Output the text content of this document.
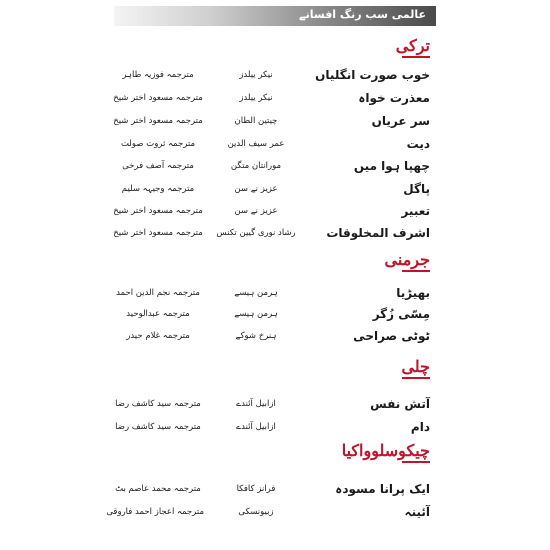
عالمی سب رنگ افسانے
ترکی
خوب صورت انگلیاں
نیکر ییلدز
مترجمہ فوزیہ طاہر
معذرت خواہ
نیکر ییلدز
مترجمہ مسعود اختر شیخ
سر عریاں
چیتین الطان
مترجمہ مسعود اختر شیخ
دیت
عمر سیف الدین
مترجمہ ثروت صولت
چھپا ہوا میں
مورانتان متگن
مترجمہ آصف فرخی
پاگل
عزیز نے سن
مترجمہ وجیہہ سلیم
تعبیر
عزیز نے سن
مترجمہ مسعود اختر شیخ
اشرف المخلوقات
رشاد نوری گیین تکنس
مترجمہ مسعود اختر شیخ
جرمنی
بھیڑیا
ہرمن ہیسے
مترجمہ نجم الدین احمد
مِسّی زُگر
ہرمن ہیسے
مترجمہ عبدالوحید
ٹوٹی صراحی
ہنرخ شوکے
مترجمہ غلام حیدر
چلی
آتش نفس
ازابیل آئندے
مترجمہ سید کاشف رضا
دام
ازابیل آئندے
مترجمہ سید کاشف رضا
چیکوسلوواکیا
ایک پرانا مسودہ
فرانز کافکا
مترجمہ محمد عاصم بٹ
آئینہ
زبیونسکی
مترجمہ اعجاز احمد فاروقی
